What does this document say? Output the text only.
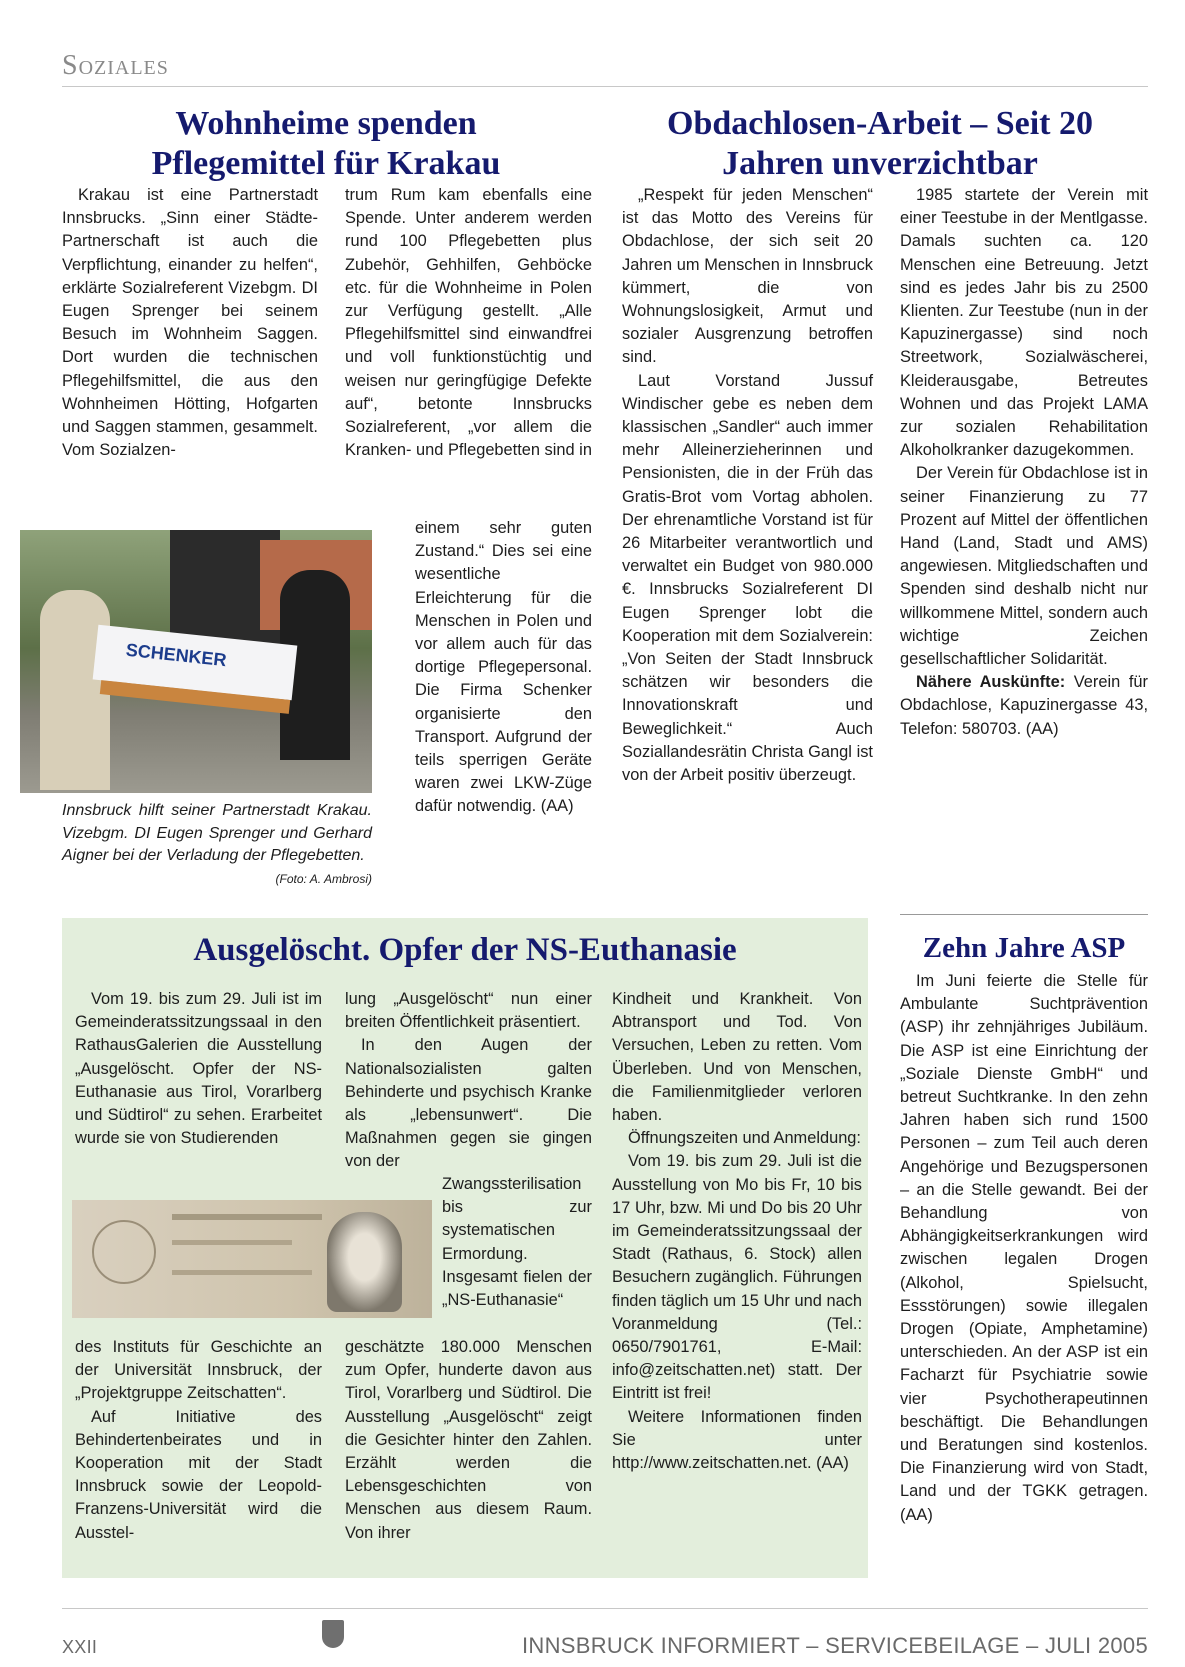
Soziales
Wohnheime spenden
Pflegemittel für Krakau

Krakau ist eine Partnerstadt Innsbrucks. „Sinn einer Städte-Partnerschaft ist auch die Verpflichtung, einander zu helfen“, erklärte Sozialreferent Vizebgm. DI Eugen Sprenger bei seinem Besuch im Wohnheim Saggen. Dort wurden die technischen Pflegehilfsmittel, die aus den Wohnheimen Hötting, Hofgarten und Saggen stammen, gesammelt. Vom Sozialzen-

trum Rum kam ebenfalls eine Spende. Unter anderem werden rund 100 Pflegebetten plus Zubehör, Gehhilfen, Gehböcke etc. für die Wohnheime in Polen zur Verfügung gestellt. „Alle Pflegehilfsmittel sind einwandfrei und voll funktionstüchtig und weisen nur geringfügige Defekte auf“, betonte Innsbrucks Sozialreferent, „vor allem die Kranken- und Pflegebetten sind in

einem sehr guten Zustand.“ Dies sei eine wesentliche Erleichterung für die Menschen in Polen und vor allem auch für das dortige Pflegepersonal. Die Firma Schenker organisierte den Transport. Aufgrund der teils sperrigen Geräte waren zwei LKW-Züge dafür notwendig. (AA)

SCHENKER
Innsbruck hilft seiner Partnerstadt Krakau. Vizebgm. DI Eugen Sprenger und Gerhard Aigner bei der Verladung der Pflegebetten.
(Foto: A. Ambrosi)
Obdachlosen-Arbeit – Seit 20
Jahren unverzichtbar

„Respekt für jeden Menschen“ ist das Motto des Vereins für Obdachlose, der sich seit 20 Jahren um Menschen in Innsbruck kümmert, die von Wohnungslosigkeit, Armut und sozialer Ausgrenzung betroffen sind.

Laut Vorstand Jussuf Windischer gebe es neben dem klassischen „Sandler“ auch immer mehr Alleinerzieherinnen und Pensionisten, die in der Früh das Gratis-Brot vom Vortag abholen. Der ehrenamtliche Vorstand ist für 26 Mitarbeiter verantwortlich und verwaltet ein Budget von 980.000 €. Innsbrucks Sozialreferent DI Eugen Sprenger lobt die Kooperation mit dem Sozialverein: „Von Seiten der Stadt Innsbruck schätzen wir besonders die Innovationskraft und Beweglichkeit.“ Auch Soziallandesrätin Christa Gangl ist von der Arbeit positiv überzeugt.

1985 startete der Verein mit einer Teestube in der Mentlgasse. Damals suchten ca. 120 Menschen eine Betreuung. Jetzt sind es jedes Jahr bis zu 2500 Klienten. Zur Teestube (nun in der Kapuzinergasse) sind noch Streetwork, Sozialwäscherei, Kleiderausgabe, Betreutes Wohnen und das Projekt LAMA zur sozialen Rehabilitation Alkoholkranker dazugekommen.

Der Verein für Obdachlose ist in seiner Finanzierung zu 77 Prozent auf Mittel der öffentlichen Hand (Land, Stadt und AMS) angewiesen. Mitgliedschaften und Spenden sind deshalb nicht nur willkommene Mittel, sondern auch wichtige Zeichen gesellschaftlicher Solidarität.

Nähere Auskünfte: Verein für Obdachlose, Kapuzinergasse 43, Telefon: 580703. (AA)

Ausgelöscht. Opfer der NS-Euthanasie

Vom 19. bis zum 29. Juli ist im Gemeinderatssitzungssaal in den RathausGalerien die Ausstellung „Ausgelöscht. Opfer der NS-Euthanasie aus Tirol, Vorarlberg und Südtirol“ zu sehen. Erarbeitet wurde sie von Studierenden

des Instituts für Geschichte an der Universität Innsbruck, der „Projektgruppe Zeitschatten“.

Auf Initiative des Behindertenbeirates und in Kooperation mit der Stadt Innsbruck sowie der Leopold-Franzens-Universität wird die Ausstel-

lung „Ausgelöscht“ nun einer breiten Öffentlichkeit präsentiert.

In den Augen der Nationalsozialisten galten Behinderte und psychisch Kranke als „lebensunwert“. Die Maßnahmen gegen sie gingen von der

Zwangssterilisation bis zur systematischen Ermordung. Insgesamt fielen der „NS-Euthanasie“

geschätzte 180.000 Menschen zum Opfer, hunderte davon aus Tirol, Vorarlberg und Südtirol. Die Ausstellung „Ausgelöscht“ zeigt die Gesichter hinter den Zahlen. Erzählt werden die Lebensgeschichten von Menschen aus diesem Raum. Von ihrer

Kindheit und Krankheit. Von Abtransport und Tod. Von Versuchen, Leben zu retten. Vom Überleben. Und von Menschen, die Familienmitglieder verloren haben.

Öffnungszeiten und Anmeldung:

Vom 19. bis zum 29. Juli ist die Ausstellung von Mo bis Fr, 10 bis 17 Uhr, bzw. Mi und Do bis 20 Uhr im Gemeinderatssitzungssaal der Stadt (Rathaus, 6. Stock) allen Besuchern zugänglich. Führungen finden täglich um 15 Uhr und nach Voranmeldung (Tel.: 0650/7901761, E-Mail: info@zeitschatten.net) statt. Der Eintritt ist frei!

Weitere Informationen finden Sie unter http://www.zeitschatten.net. (AA)

Zehn Jahre ASP

Im Juni feierte die Stelle für Ambulante Suchtprävention (ASP) ihr zehnjähriges Jubiläum. Die ASP ist eine Einrichtung der „Soziale Dienste GmbH“ und betreut Suchtkranke. In den zehn Jahren haben sich rund 1500 Personen – zum Teil auch deren Angehörige und Bezugspersonen – an die Stelle gewandt. Bei der Behandlung von Abhängigkeitserkrankungen wird zwischen legalen Drogen (Alkohol, Spielsucht, Essstörungen) sowie illegalen Drogen (Opiate, Amphetamine) unterschieden. An der ASP ist ein Facharzt für Psychiatrie sowie vier Psychotherapeutinnen beschäftigt. Die Behandlungen und Beratungen sind kostenlos. Die Finanzierung wird von Stadt, Land und der TGKK getragen. (AA)

XXII	INNSBRUCK INFORMIERT – SERVICEBEILAGE – JULI 2005
